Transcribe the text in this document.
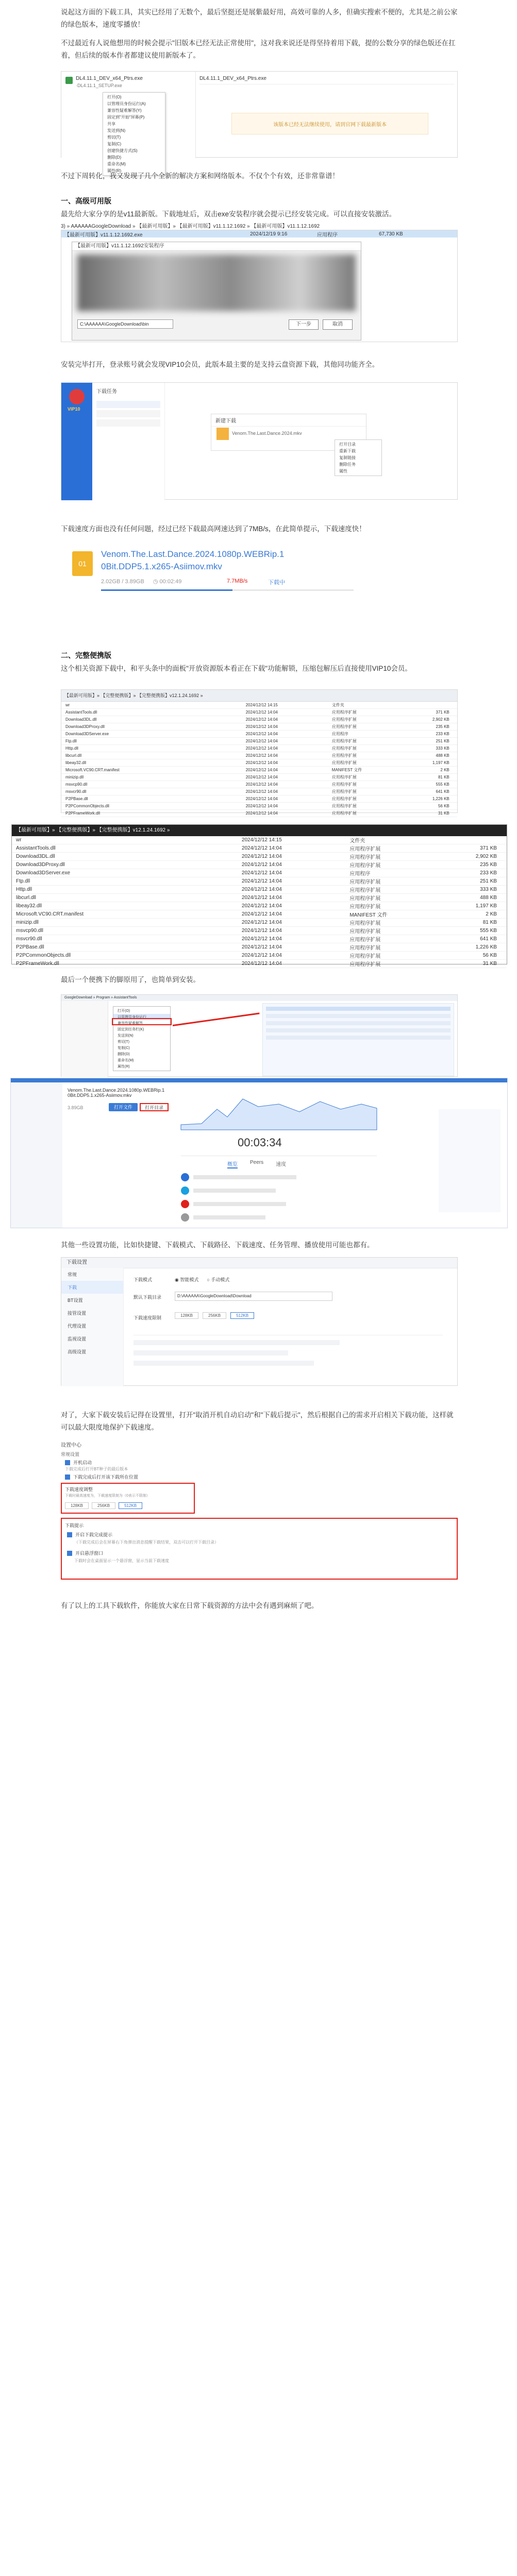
说起这方面的下载工具，其实已经用了无数个，最后坚挺还是展紫最好用，高效可靠的人多，但确实搜索不便的，尤其是之前公家的绿色版本，速度零播放！

不过最近有人说他想用的时候会提示"旧版本已经无法正常使用"，这对我来说还是得坚持着用下载，提的公数分享的绿色版还在扛着，但后续的版本作者都建议使用新版本了。

DL4.11.1_DEV_x64_Ptrs.exe
·DL4.11.1_SETUP.exe
打开(O)
以管理员身份运行(A)
兼容性疑难解答(Y)
固定到"开始"屏幕(P)
共享
发送到(N)
剪切(T)
复制(C)
创建快捷方式(S)
删除(D)
重命名(M)
属性(R)
DL4.11.1_DEV_x64_Ptrs.exe
该版本已经无法继续使用，请到官网下载最新版本

不过下周转化，我又发现了几个全新的解决方案和网络版本。不仅个个有效，还非常靠谱！

一、高级可用版

最先给大家分享的是v11最新版。下载地址后，双击exe安装程序就会提示已经安装完成。可以直接安装激活。

3) » AAAAAAGoogleDownload » 【最新可用版】» 【最新可用版】v11.1.12.1692 » 【最新可用版】v11.1.12.1692
【最新可用版】v11.1.12.1692.exe	2024/12/19 9:16	应用程序	67,730 KB
【最新可用版】v11.1.12.1692安装程序
C:\AAAAAA\GoogleDownload\bin	下一步	取消

安装完毕打开，登录账号就会发现VIP10会员，此版本最主要的是支持云盘资源下载，其他同功能齐全。

VIP10
下载任务
新建下载
Venom.The.Last.Dance.2024.mkv
打开目录
重新下载
复制链接
删除任务
属性

下载速度方面也没有任何问题，经过已经下载最高网速达到了7MB/s，在此简单提示，下载速度快！

01
Venom.The.Last.Dance.2024.1080p.WEBRip.1 0Bit.DDP5.1.x265-Asiimov.mkv
2.02GB / 3.89GB ◷ 00:02:49	7.7MB/s	下载中
二、完整便携版

这个相关资源下载中，和平头条中的面板"开放资源版本看正在下载"功能解锁，压缩包解压后直接使用VIP10会员。

【最新可用版】» 【完整便携版】» 【完整便携版】v12.1.24.1692 »
wr	2024/12/12 14:15	文件夹
AssistantTools.dll	2024/12/12 14:04	应用程序扩展	371 KB
Download3DL.dll	2024/12/12 14:04	应用程序扩展	2,902 KB
Download3DProxy.dll	2024/12/12 14:04	应用程序扩展	235 KB
Download3DServer.exe	2024/12/12 14:04	应用程序	233 KB
Ftp.dll	2024/12/12 14:04	应用程序扩展	251 KB
Http.dll	2024/12/12 14:04	应用程序扩展	333 KB
libcurl.dll	2024/12/12 14:04	应用程序扩展	488 KB
libeay32.dll	2024/12/12 14:04	应用程序扩展	1,197 KB
Microsoft.VC90.CRT.manifest	2024/12/12 14:04	MANIFEST 文件	2 KB
minizip.dll	2024/12/12 14:04	应用程序扩展	81 KB
msvcp90.dll	2024/12/12 14:04	应用程序扩展	555 KB
msvcr90.dll	2024/12/12 14:04	应用程序扩展	641 KB
P2PBase.dll	2024/12/12 14:04	应用程序扩展	1,226 KB
P2PCommonObjects.dll	2024/12/12 14:04	应用程序扩展	56 KB
P2PFrameWork.dll	2024/12/12 14:04	应用程序扩展	31 KB
【最新可用版】» 【完整便携版】» 【完整便携版】v12.1.24.1692 »
wr	2024/12/12 14:15	文件夹
AssistantTools.dll	2024/12/12 14:04	应用程序扩展	371 KB
Download3DL.dll	2024/12/12 14:04	应用程序扩展	2,902 KB
Download3DProxy.dll	2024/12/12 14:04	应用程序扩展	235 KB
Download3DServer.exe	2024/12/12 14:04	应用程序	233 KB
Ftp.dll	2024/12/12 14:04	应用程序扩展	251 KB
Http.dll	2024/12/12 14:04	应用程序扩展	333 KB
libcurl.dll	2024/12/12 14:04	应用程序扩展	488 KB
libeay32.dll	2024/12/12 14:04	应用程序扩展	1,197 KB
Microsoft.VC90.CRT.manifest	2024/12/12 14:04	MANIFEST 文件	2 KB
minizip.dll	2024/12/12 14:04	应用程序扩展	81 KB
msvcp90.dll	2024/12/12 14:04	应用程序扩展	555 KB
msvcr90.dll	2024/12/12 14:04	应用程序扩展	641 KB
P2PBase.dll	2024/12/12 14:04	应用程序扩展	1,226 KB
P2PCommonObjects.dll	2024/12/12 14:04	应用程序扩展	56 KB
P2PFrameWork.dll	2024/12/12 14:04	应用程序扩展	31 KB

最后一个便携下的脚原用了，也简单到安装。

GoogleDownload » Program » AssistantTools
打开(O)
以管理员身份运行
兼容性疑难解答
固定到任务栏(K)
发送到(N)
剪切(T)
复制(C)
删除(D)
重命名(M)
属性(R)
Venom.The.Last.Dance.2024.1080p.WEBRip.1 0Bit.DDP5.1.x265-Asiimov.mkv
3.89GB	打开文件	打开目录
00:03:34
概览 Peers 速度

其他一些设置功能，比如快捷键、下载模式、下载路径、下载速度、任务管理、播放使用可能也都有。

下载设置
常规
下载
BT设置
接管设置
代理设置
监视设置
高级设置
下载模式	◉ 智能模式 ○ 手动模式
默认下载目录	D:\AAAAAA\GoogleDownload\Download
下载速度限制	128KB	256KB	512KB

对了，大家下载安装后记得在设置里，打开"取消开机自动启动"和"下载后提示"，然后根据自己的需求开启相关下载功能，这样就可以最大限度地保护下载速度。

设置中心
常规设置
开机启动
下载完成后打开BT种子的最后版本
下载完成后打开该下载所在位置
下载速度调整
下载时最高速度为，下载速度限制为（0表示不限制）
128KB	256KB	512KB
下载提示
开启下载完成提示
（下载完成后会在屏幕右下角弹出消息提醒下载结果，双击可以打开下载目录）
开启悬浮窗口
下载时会在桌面显示一个悬浮窗，显示当前下载速度

有了以上的工具下载软件，你能放大家在日常下载资源的方法中会有遇到麻烦了吧。
